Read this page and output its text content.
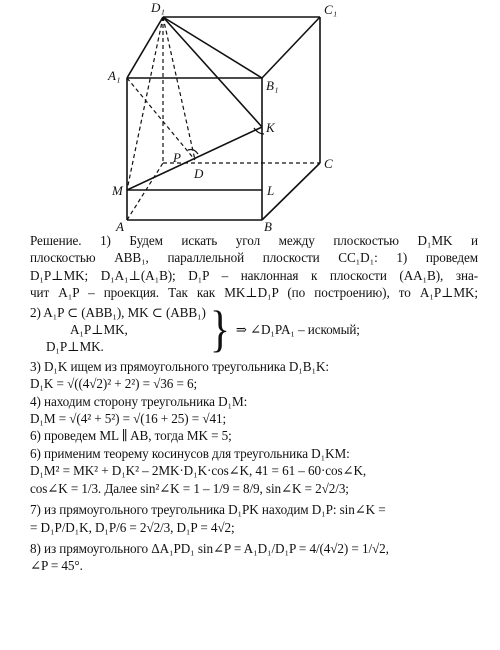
D₁	C₁
A₁
B₁
K
P
D
C
M	L
A	B
Решение. 1) Будем искать угол между плоскостью D₁MK и
плоскостью ABB₁, параллельной плоскости CC₁D₁: 1) проведем
D₁P⊥MK; D₁A₁⊥(A₁B); D₁P – наклонная к плоскости (AA₁B), зна-
чит A₁P – проекция. Так как MK⊥D₁P (по построению), то A₁P⊥MK;
2) A₁P ⊂ (ABB₁), MK ⊂ (ABB₁)
A₁P⊥MK,
D₁P⊥MK.	} ⇒ ∠D₁PA₁ – искомый;
3) D₁K ищем из прямоугольного треугольника D₁B₁K:
D₁K = √((4√2)² + 2²) = √36 = 6;
4) находим сторону треугольника D₁M:
D₁M = √(4² + 5²) = √(16 + 25) = √41;
6) проведем ML ∥ AB, тогда MK = 5;
6) применим теорему косинусов для треугольника D₁KM:
D₁M² = MK² + D₁K² – 2MK·D₁K·cos∠K, 41 = 61 – 60·cos∠K,
cos∠K = 1/3. Далее sin²∠K = 1 – 1/9 = 8/9, sin∠K = 2√2/3;
7) из прямоугольного треугольника D₁PK находим D₁P: sin∠K =
= D₁P/D₁K, D₁P/6 = 2√2/3, D₁P = 4√2;
8) из прямоугольного ΔA₁PD₁ sin∠P = A₁D₁/D₁P = 4/(4√2) = 1/√2,
∠P = 45°.
